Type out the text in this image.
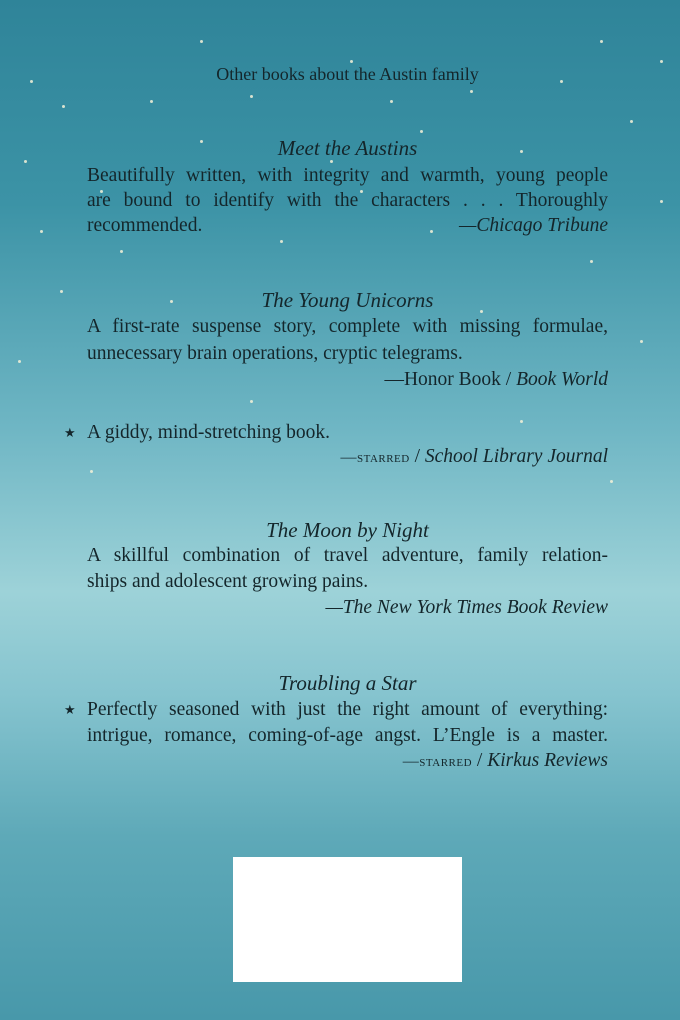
Other books about the Austin family
Meet the Austins
Beautifully written, with integrity and warmth, young people
are bound to identify with the characters . . . Thoroughly
recommended.	—Chicago Tribune
The Young Unicorns
A first-rate suspense story, complete with missing formulae,
unnecessary brain operations, cryptic telegrams.
—Honor Book / Book World
★ A giddy, mind-stretching book.
—starred / School Library Journal
The Moon by Night
A skillful combination of travel adventure, family relation-
ships and adolescent growing pains.
—The New York Times Book Review
Troubling a Star
★ Perfectly seasoned with just the right amount of everything:
intrigue, romance, coming-of-age angst. L’Engle is a master.
—starred / Kirkus Reviews
